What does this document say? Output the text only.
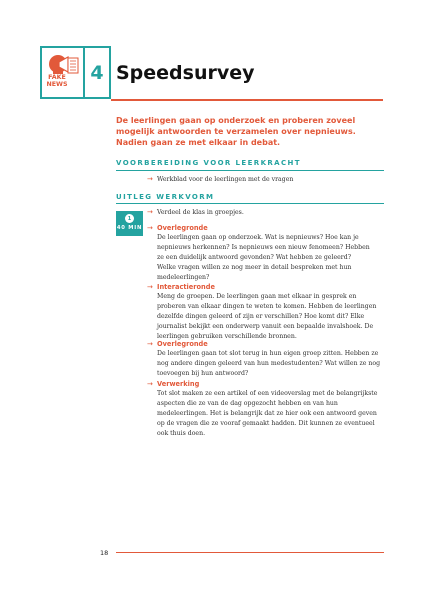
FAKE
NEWS
4 Speedsurvey
De leerlingen gaan op onderzoek en proberen zoveel mogelijk antwoorden te verzamelen over nepnieuws. Nadien gaan ze met elkaar in debat.
VOORBEREIDING VOOR LEERKRACHT
→ Werkblad voor de leerlingen met de vragen
UITLEG WERKVORM
1
40 MIN
→ Verdeel de klas in groepjes.
→ Overlegronde
De leerlingen gaan op onderzoek. Wat is nepnieuws? Hoe kan je
nepnieuws herkennen? Is nepnieuws een nieuw fenomeen? Hebben
ze een duidelijk antwoord gevonden? Wat hebben ze geleerd?
Welke vragen willen ze nog meer in detail bespreken met hun
medeleerlingen?
→ Interactieronde
Meng de groepen. De leerlingen gaan met elkaar in gesprek en
proberen van elkaar dingen te weten te komen. Hebben de leerlingen
dezelfde dingen geleerd of zijn er verschillen? Hoe komt dit? Elke
journalist bekijkt een onderwerp vanuit een bepaalde invalshoek. De
leerlingen gebruiken verschillende bronnen.
→ Overlegronde
De leerlingen gaan tot slot terug in hun eigen groep zitten. Hebben ze
nog andere dingen geleerd van hun medestudenten? Wat willen ze nog
toevoegen bij hun antwoord?
→ Verwerking
Tot slot maken ze een artikel of een videoverslag met de belangrijkste
aspecten die ze van de dag opgezocht hebben en van hun
medeleerlingen. Het is belangrijk dat ze hier ook een antwoord geven
op de vragen die ze vooraf gemaakt hadden. Dit kunnen ze eventueel
ook thuis doen.
18
